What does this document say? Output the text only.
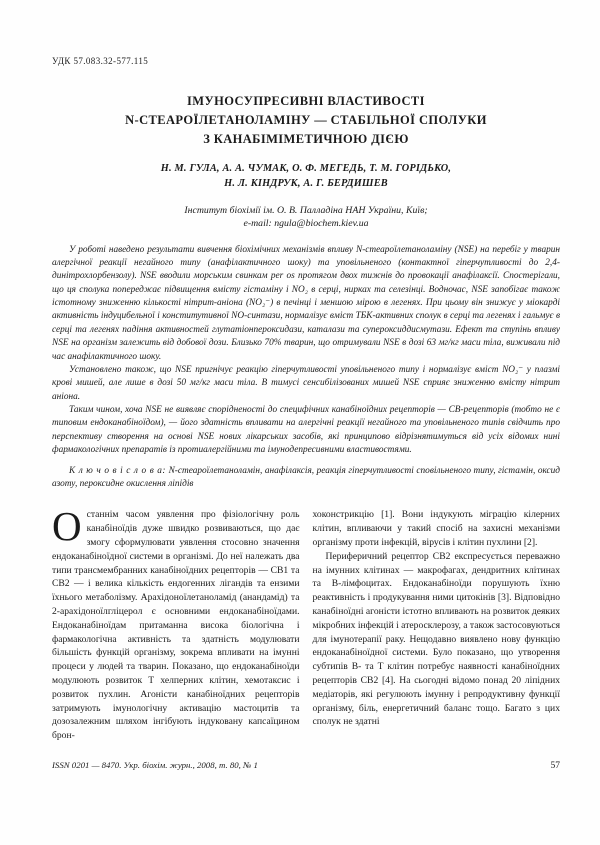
УДК 57.083.32-577.115
ІМУНОСУПРЕСИВНІ ВЛАСТИВОСТІ
N-СТЕАРОЇЛЕТАНОЛАМІНУ — СТАБІЛЬНОЇ СПОЛУКИ
З КАНАБІМІМЕТИЧНОЮ ДІЄЮ
Н. М. ГУЛА, А. А. ЧУМАК, О. Ф. МЕГЕДЬ, Т. М. ГОРІДЬКО,
Н. Л. КІНДРУК, А. Г. БЕРДИШЕВ
Інститут біохімії ім. О. В. Палладіна НАН України, Київ;
e-mail: ngula@biochem.kiev.ua

У роботі наведено результати вивчення біохімічних механізмів впливу N-стеароїлетаноламіну (NSE) на перебіг у тварин алергічної реакції негайного типу (анафілактичного шоку) та уповільненого (контактної гіперчутливості до 2,4-динітрохлорбензолу). NSE вводили морським свинкам per os протягом двох тижнів до провокації анафілаксії. Спостерігали, що ця сполука попереджає підвищення вмісту гістаміну і NO₂ в серці, нирках та селезінці. Водночас, NSE запобігає також істотному зниженню кількості нітрит-аніона (NO₂⁻) в печінці і меншою мірою в легенях. При цьому він знижує у міокарді активність індуцибельної і конститутивної NO-синтази, нормалізує вміст ТБК-активних сполук в серці та легенях і гальмує в серці та легенях падіння активностей глутатіонпероксидази, каталази та супероксиддисмутази. Ефект та ступінь впливу NSE на організм залежить від добової дози. Близько 70% тварин, що отримували NSE в дозі 63 мг/кг маси тіла, виживали під час анафілактичного шоку.

Установлено також, що NSE пригнічує реакцію гіперчутливості уповільненого типу і нормалізує вміст NO₂⁻ у плазмі крові мишей, але лише в дозі 50 мг/кг маси тіла. В тимусі сенсибілізованих мишей NSE сприяє зниженню вмісту нітрит аніона.

Таким чином, хоча NSE не виявляє спорідненості до специфічних канабіноїдних рецепторів — СВ-рецепторів (тобто не є типовим ендоканабіноїдом), — його здатність впливати на алергічні реакції негайного та уповільненого типів свідчить про перспективу створення на основі NSE нових лікарських засобів, які принципово відрізнятимуться від усіх відомих нині фармакологічних препаратів із протиалергійними та імунодепресивними властивостями.

К л ю ч о в і с л о в а: N-стеароїлетаноламін, анафілаксія, реакція гіперчутливості сповільненого типу, гістамін, оксид азоту, пероксидне окислення ліпідів

Останнім часом уявлення про фізіологічну роль канабіноїдів дуже швидко розвиваються, що дає змогу сформулювати уявлення стосовно значення ендоканабіноїдної системи в організмі. До неї належать два типи трансмембранних канабіноїдних рецепторів — СВ1 та СВ2 — і велика кількість ендогенних лігандів та ензими їхнього метаболізму. Арахідоноїлетаноламід (анандамід) та 2-арахідоноїлгліцерол є основними ендоканабіноїдами. Ендоканабіноїдам притаманна висока біологічна і фармакологічна активність та здатність модулювати більшість функцій організму, зокрема впливати на імунні процеси у людей та тварин. Показано, що ендоканабіноїди модулюють розвиток Т хелперних клітин, хемотаксис і розвиток пухлин. Агоністи канабіноїдних рецепторів затримують імунологічну активацію мастоцитів та дозозалежним шляхом інгібують індуковану капсаїцином брон-

хоконстрикцію [1]. Вони індукують міграцію кілерних клітин, впливаючи у такий спосіб на захисні механізми організму проти інфекцій, вірусів і клітин пухлини [2].

Периферичний рецептор СВ2 експресується переважно на імунних клітинах — макрофагах, дендритних клітинах та В-лімфоцитах. Ендоканабіноїди порушують їхню реактивність і продукування ними цитокінів [3]. Відповідно канабіноїдні агоністи істотно впливають на розвиток деяких мікробних інфекцій і атеросклерозу, а також застосовуються для імунотерапії раку. Нещодавно виявлено нову функцію ендоканабіноїдної системи. Було показано, що утворення субтипів В- та Т клітин потребує наявності канабіноїдних рецепторів СВ2 [4]. На сьогодні відомо понад 20 ліпідних медіаторів, які регулюють імунну і репродуктивну функції організму, біль, енергетичний баланс тощо. Багато з цих сполук не здатні

ISSN 0201 — 8470. Укр. біохім. журн., 2008, т. 80, № 1	57
